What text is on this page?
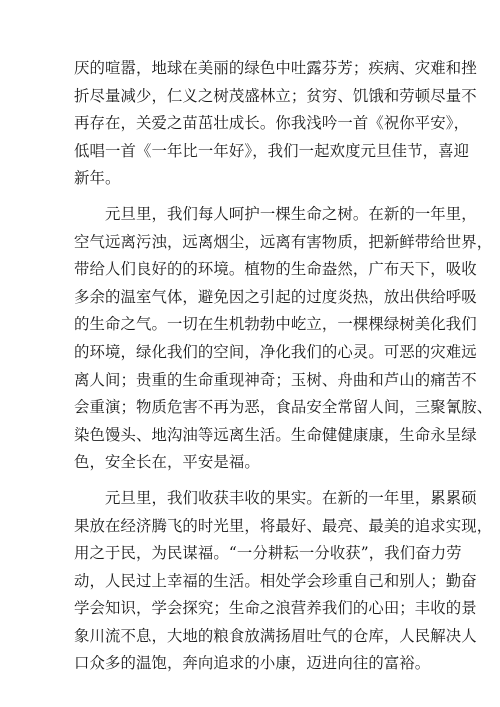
厌的喧嚣，地球在美丽的绿色中吐露芬芳；疾病、灾难和挫
折尽量减少，仁义之树茂盛林立；贫穷、饥饿和劳顿尽量不
再存在，关爱之苗茁壮成长。你我浅吟一首《祝你平安》，
低唱一首《一年比一年好》，我们一起欢度元旦佳节，喜迎
新年。

元旦里，我们每人呵护一棵生命之树。在新的一年里，
空气远离污浊，远离烟尘，远离有害物质，把新鲜带给世界，
带给人们良好的的环境。植物的生命盎然，广布天下，吸收
多余的温室气体，避免因之引起的过度炎热，放出供给呼吸
的生命之气。一切在生机勃勃中屹立，一棵棵绿树美化我们
的环境，绿化我们的空间，净化我们的心灵。可恶的灾难远
离人间；贵重的生命重现神奇；玉树、舟曲和芦山的痛苦不
会重演；物质危害不再为恶，食品安全常留人间，三聚氰胺、
染色馒头、地沟油等远离生活。生命健健康康，生命永呈绿
色，安全长在，平安是福。

元旦里，我们收获丰收的果实。在新的一年里，累累硕
果放在经济腾飞的时光里，将最好、最亮、最美的追求实现，
用之于民，为民谋福。“一分耕耘一分收获”，我们奋力劳
动，人民过上幸福的生活。相处学会珍重自己和别人；勤奋
学会知识，学会探究；生命之浪营养我们的心田；丰收的景
象川流不息，大地的粮食放满扬眉吐气的仓库，人民解决人
口众多的温饱，奔向追求的小康，迈进向往的富裕。
